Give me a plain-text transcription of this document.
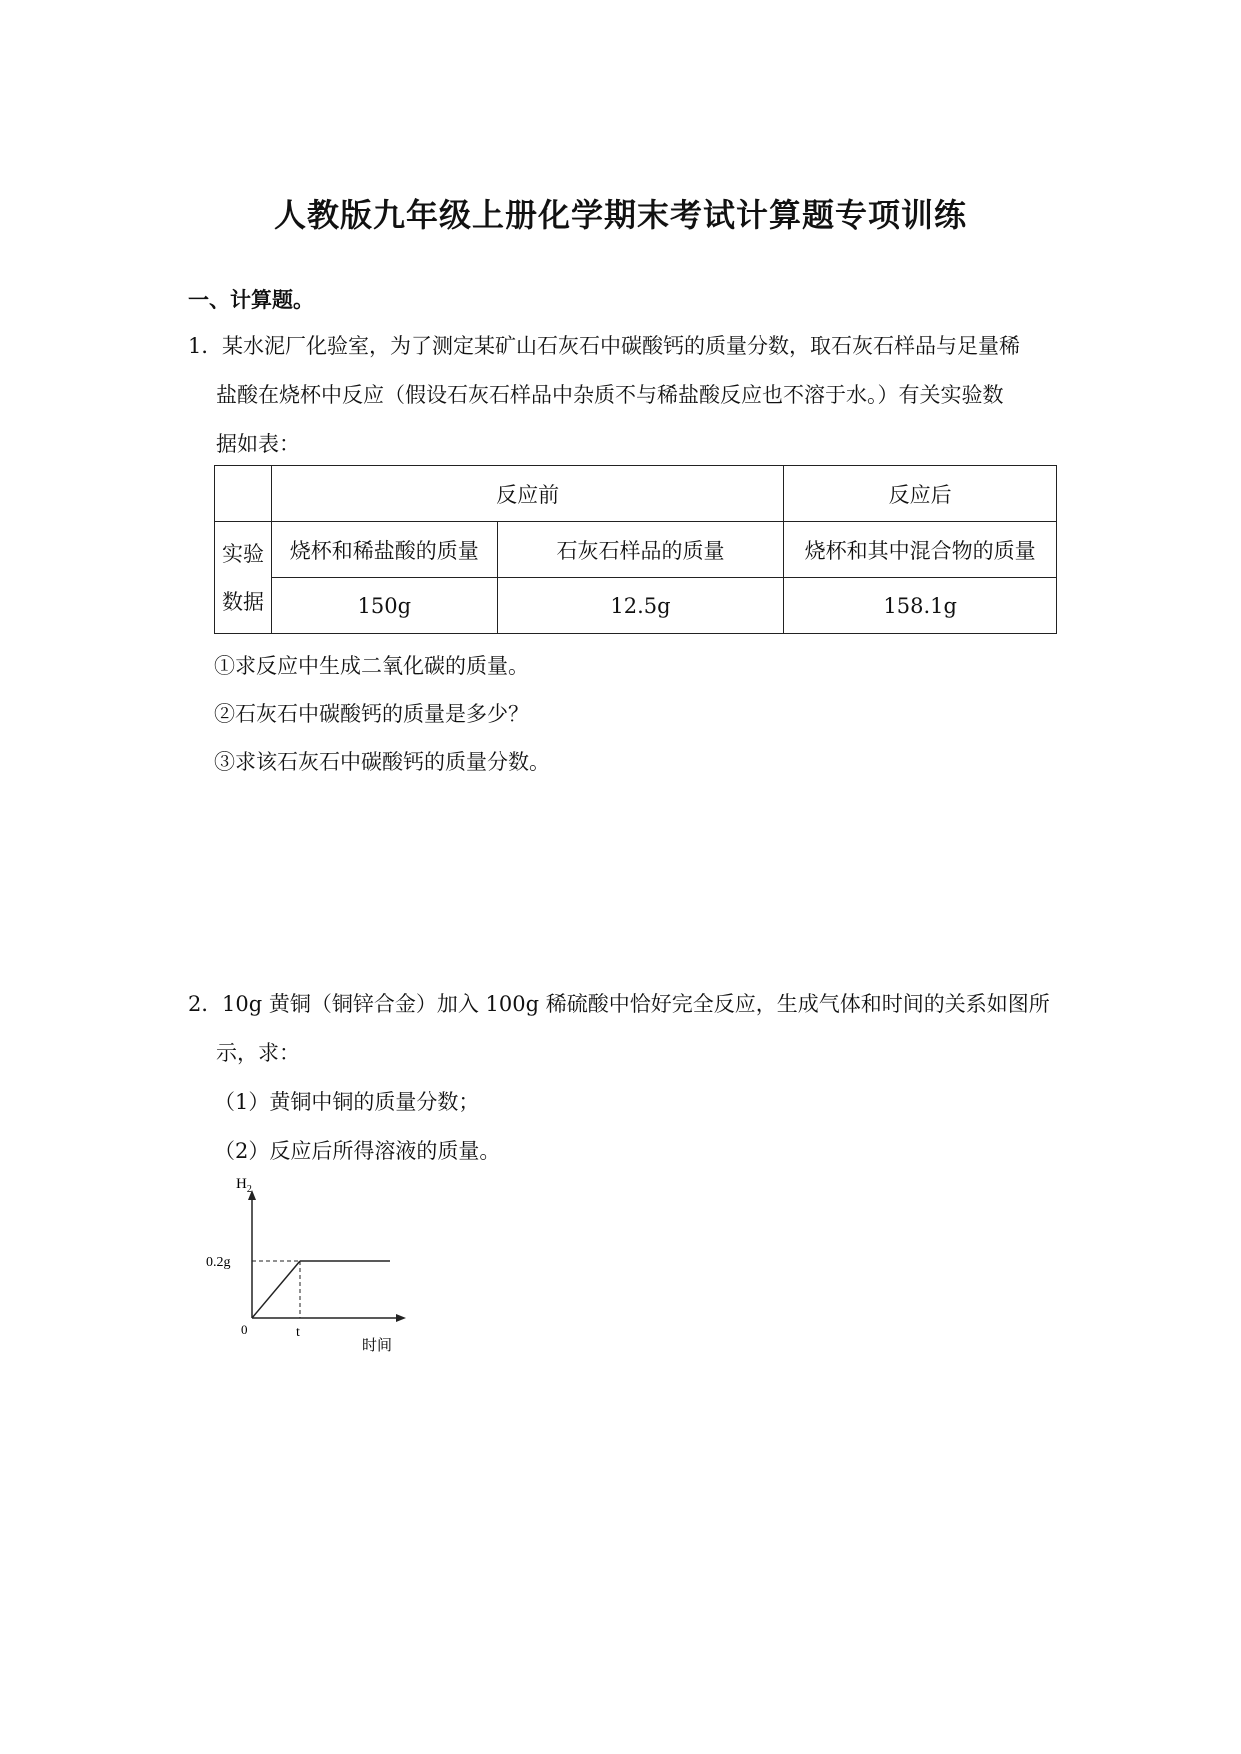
人教版九年级上册化学期末考试计算题专项训练
一、计算题。
1． 某水泥厂化验室，为了测定某矿山石灰石中碳酸钙的质量分数，取石灰石样品与足量稀
盐酸在烧杯中反应（假设石灰石样品中杂质不与稀盐酸反应也不溶于水。）有关实验数
据如表：
	反应前		反应后

实验
数据	烧杯和稀盐酸的质量	石灰石样品的质量	烧杯和其中混合物的质量
	150g	12.5g	158.1g
①求反应中生成二氧化碳的质量。
②石灰石中碳酸钙的质量是多少？
③求该石灰石中碳酸钙的质量分数。
2． 10g 黄铜（铜锌合金）加入 100g 稀硫酸中恰好完全反应，生成气体和时间的关系如图所
示，求：
（1）黄铜中铜的质量分数；
（2）反应后所得溶液的质量。
$H_2$
0.2g
0	t
时间
